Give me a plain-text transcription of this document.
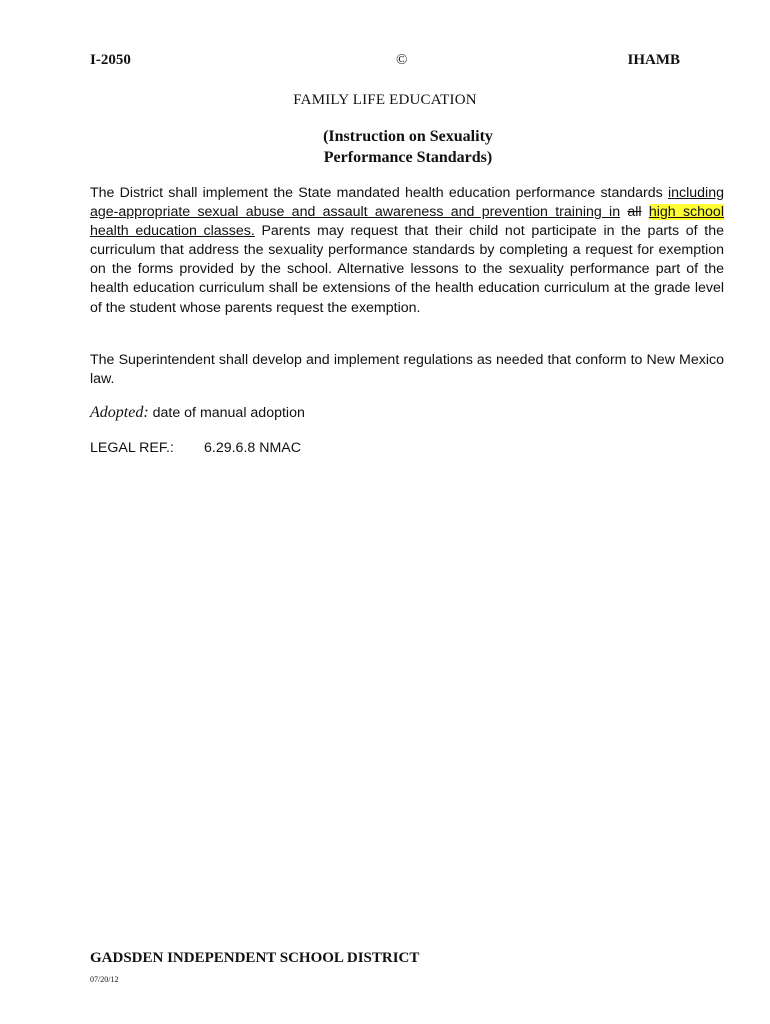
I-2050	©	IHAMB
FAMILY LIFE EDUCATION
(Instruction on Sexuality
Performance Standards)
The District shall implement the State mandated health education performance standards including age-appropriate sexual abuse and assault awareness and prevention training in all high school health education classes. Parents may request that their child not participate in the parts of the curriculum that address the sexuality performance standards by completing a request for exemption on the forms provided by the school. Alternative lessons to the sexuality performance part of the health education curriculum shall be extensions of the health education curriculum at the grade level of the student whose parents request the exemption.
The Superintendent shall develop and implement regulations as needed that conform to New Mexico law.
Adopted: date of manual adoption
LEGAL REF.: 6.29.6.8 NMAC
GADSDEN INDEPENDENT SCHOOL DISTRICT
07/20/12
